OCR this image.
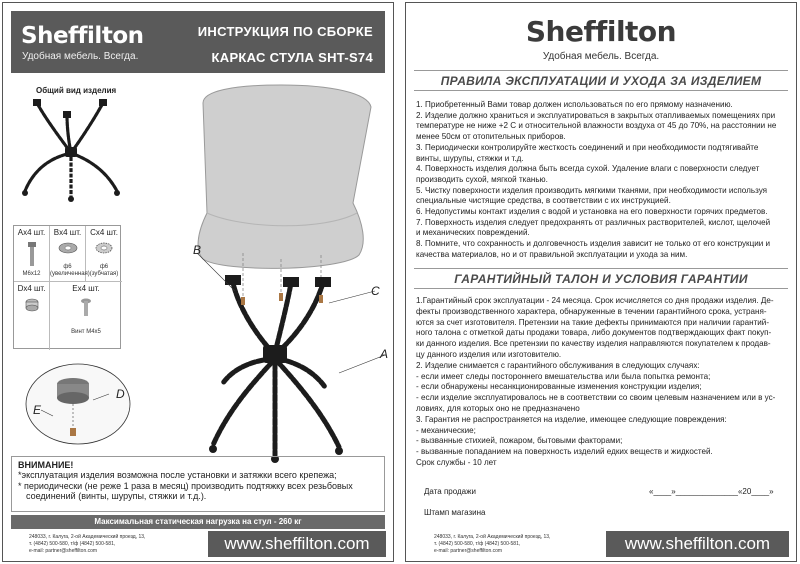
Sheffilton
Удобная мебель. Всегда.
ИНСТРУКЦИЯ ПО СБОРКЕ
КАРКАС СТУЛА SHT-S74
Общий вид изделия
B
C
A
Ax4 шт.
M6x12
Bx4 шт.
ф6 (увеличенная)
Cx4 шт.
ф6 (зубчатая)
Dx4 шт.	Ex4 шт.
Винт M4x5
D
E
ВНИМАНИЕ!
*эксплуатация изделия возможна после установки и затяжки всего крепежа;
* периодически (не реже 1 раза в месяц) производить подтяжку всех резьбовых
соединений (винты, шурупы, стяжки и т.д.).
Максимальная статическая нагрузка на стул - 260 кг
248033, г. Калуга, 2-ой Академический проезд, 13,
т. (4842) 500-580, т/ф (4842) 500-581,
e-mail: partner@sheffilton.com	www.sheffilton.com
Sheffilton
Удобная мебель. Всегда.
ПРАВИЛА ЭКСПЛУАТАЦИИ И УХОДА ЗА ИЗДЕЛИЕМ
1. Приобретенный Вами товар должен использоваться по его прямому назначению.
2. Изделие должно храниться и эксплуатироваться в закрытых отапливаемых помещениях при
температуре не ниже +2 С и относительной влажности воздуха от 45 до 70%, на расстоянии не
менее 50см от отопительных приборов.
3. Периодически контролируйте жесткость соединений и при необходимости подтягивайте
винты, шурупы, стяжки и т.д.
4. Поверхность изделия должна быть всегда сухой. Удаление влаги с поверхности следует
производить сухой, мягкой тканью.
5. Чистку поверхности изделия производить мягкими тканями, при необходимости используя
специальные чистящие средства, в соответствии с их инструкцией.
6. Недопустимы контакт изделия с водой и установка на его поверхности горячих предметов.
7. Поверхность изделия следует предохранять от различных растворителей, кислот, щелочей
и механических повреждений.
8. Помните, что сохранность и долговечность изделия зависит не только от его конструкции и
качества материалов, но и от правильной эксплуатации и ухода за ним.
ГАРАНТИЙНЫЙ ТАЛОН И УСЛОВИЯ ГАРАНТИИ
1.Гарантийный срок эксплуатации - 24 месяца. Срок исчисляется со дня продажи изделия. Де-
фекты производственного характера, обнаруженные в течении гарантийного срока, устраня-
ются за счет изготовителя. Претензии на такие дефекты принимаются при наличии гарантий-
ного талона с отметкой даты продажи товара, либо документов подтверждающих факт покуп-
ки данного изделия. Все претензии по качеству изделия направляются покупателем к продав-
цу данного изделия или изготовителю.
2. Изделие снимается с гарантийного обслуживания в следующих случаях:
- если имеет следы постороннего вмешательства или была попытка ремонта;
- если обнаружены несанкционированные изменения конструкции изделия;
- если изделие эксплуатировалось не в соответствии со своим целевым назначением или в ус-
ловиях, для которых оно не предназначено
3. Гарантия не распространяется на изделие, имеющее следующие повреждения:
- механические;
- вызванные стихией, пожаром, бытовыми факторами;
- вызванные попаданием на поверхность изделий едких веществ и жидкостей.
Срок службы - 10 лет
Дата продажи	«____»______________«20____»
Штамп магазина
248033, г. Калуга, 2-ой Академический проезд, 13,
т. (4842) 500-580, т/ф (4842) 500-581,
e-mail: partner@sheffilton.com	www.sheffilton.com
